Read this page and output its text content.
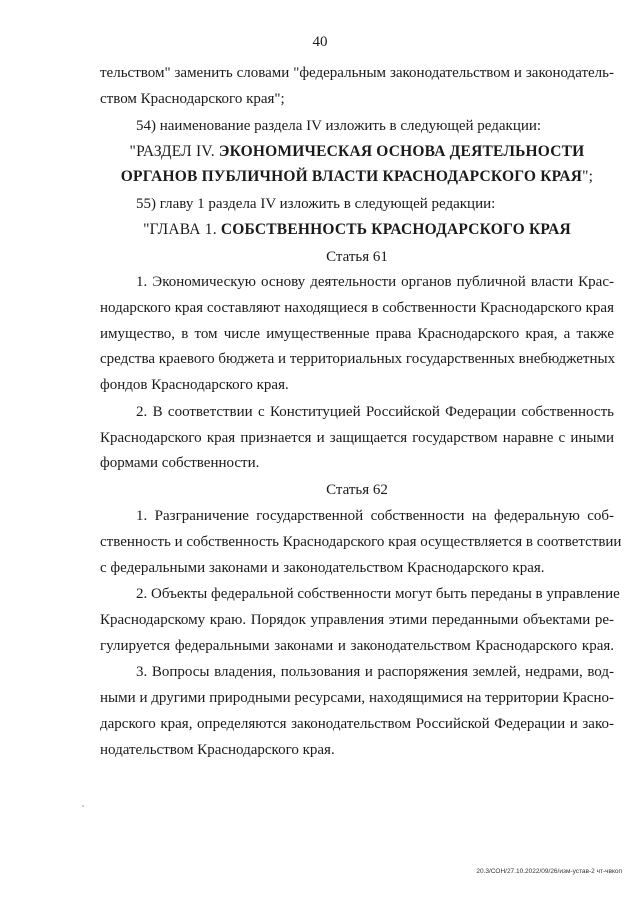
40
тельством" заменить словами "федеральным законодательством и законодатель-
ством Краснодарского края";
54) наименование раздела IV изложить в следующей редакции:
"РАЗДЕЛ IV. ЭКОНОМИЧЕСКАЯ ОСНОВА ДЕЯТЕЛЬНОСТИ
ОРГАНОВ ПУБЛИЧНОЙ ВЛАСТИ КРАСНОДАРСКОГО КРАЯ";
55) главу 1 раздела IV изложить в следующей редакции:
"ГЛАВА 1. СОБСТВЕННОСТЬ КРАСНОДАРСКОГО КРАЯ
Статья 61
1. Экономическую основу деятельности органов публичной власти Крас-
нодарского края составляют находящиеся в собственности Краснодарского края
имущество, в том числе имущественные права Краснодарского края, а также
средства краевого бюджета и территориальных государственных внебюджетных
фондов Краснодарского края.
2. В соответствии с Конституцией Российской Федерации собственность
Краснодарского края признается и защищается государством наравне с иными
формами собственности.
Статья 62
1. Разграничение государственной собственности на федеральную соб-
ственность и собственность Краснодарского края осуществляется в соответствии
с федеральными законами и законодательством Краснодарского края.
2. Объекты федеральной собственности могут быть переданы в управление
Краснодарскому краю. Порядок управления этими переданными объектами ре-
гулируется федеральными законами и законодательством Краснодарского края.
3. Вопросы владения, пользования и распоряжения землей, недрами, вод-
ными и другими природными ресурсами, находящимися на территории Красно-
дарского края, определяются законодательством Российской Федерации и зако-
нодательством Краснодарского края.
20.3/СОН/27.10.2022/09/26/изм-устав-2 чт-чвкоп
